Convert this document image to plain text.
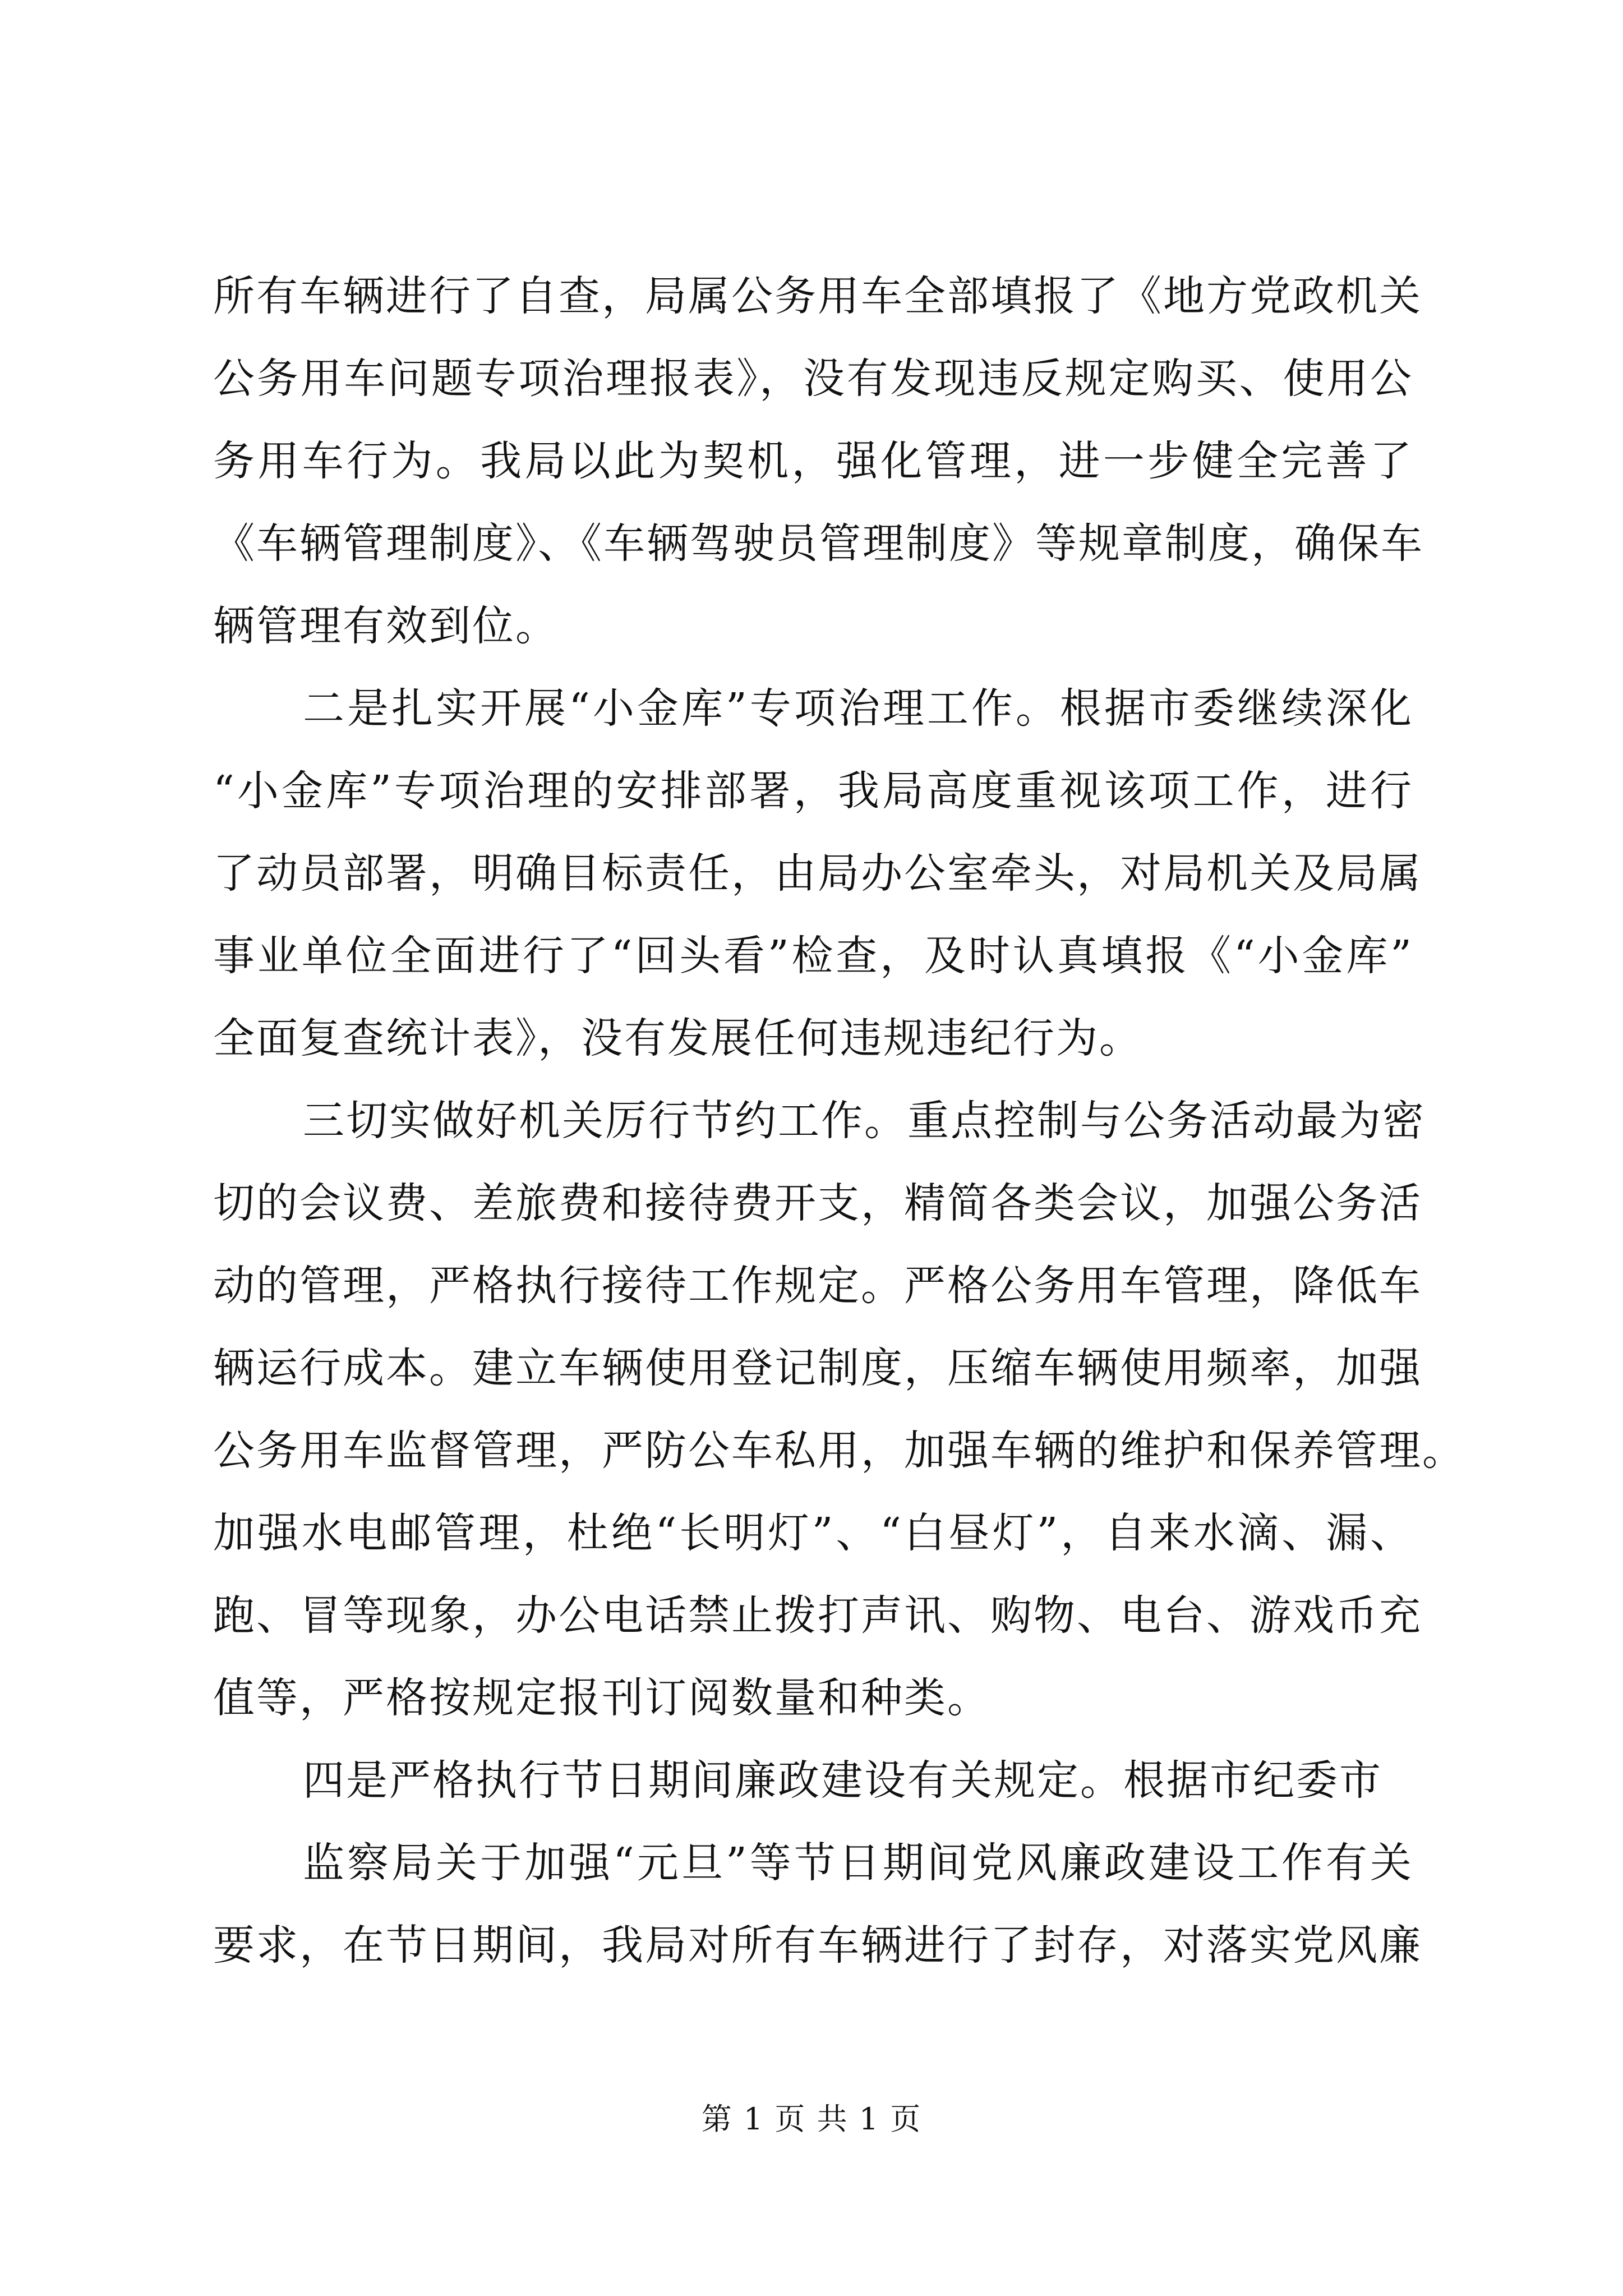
所有车辆进行了自查，局属公务用车全部填报了《地方党政机关
公务用车问题专项治理报表》，没有发现违反规定购买、使用公
务用车行为。我局以此为契机，强化管理，进一步健全完善了
《车辆管理制度》、《车辆驾驶员管理制度》等规章制度，确保车
辆管理有效到位。
二是扎实开展“小金库”专项治理工作。根据市委继续深化
“小金库”专项治理的安排部署，我局高度重视该项工作，进行
了动员部署，明确目标责任，由局办公室牵头，对局机关及局属
事业单位全面进行了“回头看”检查，及时认真填报《“小金库”
全面复查统计表》，没有发展任何违规违纪行为。
三切实做好机关厉行节约工作。重点控制与公务活动最为密
切的会议费、差旅费和接待费开支，精简各类会议，加强公务活
动的管理，严格执行接待工作规定。严格公务用车管理，降低车
辆运行成本。建立车辆使用登记制度，压缩车辆使用频率，加强
公务用车监督管理，严防公车私用，加强车辆的维护和保养管理。
加强水电邮管理，杜绝“长明灯”、“白昼灯”，自来水滴、漏、
跑、冒等现象，办公电话禁止拨打声讯、购物、电台、游戏币充
值等，严格按规定报刊订阅数量和种类。
四是严格执行节日期间廉政建设有关规定。根据市纪委市
监察局关于加强“元旦”等节日期间党风廉政建设工作有关
要求，在节日期间，我局对所有车辆进行了封存，对落实党风廉
第 1 页 共 1 页
